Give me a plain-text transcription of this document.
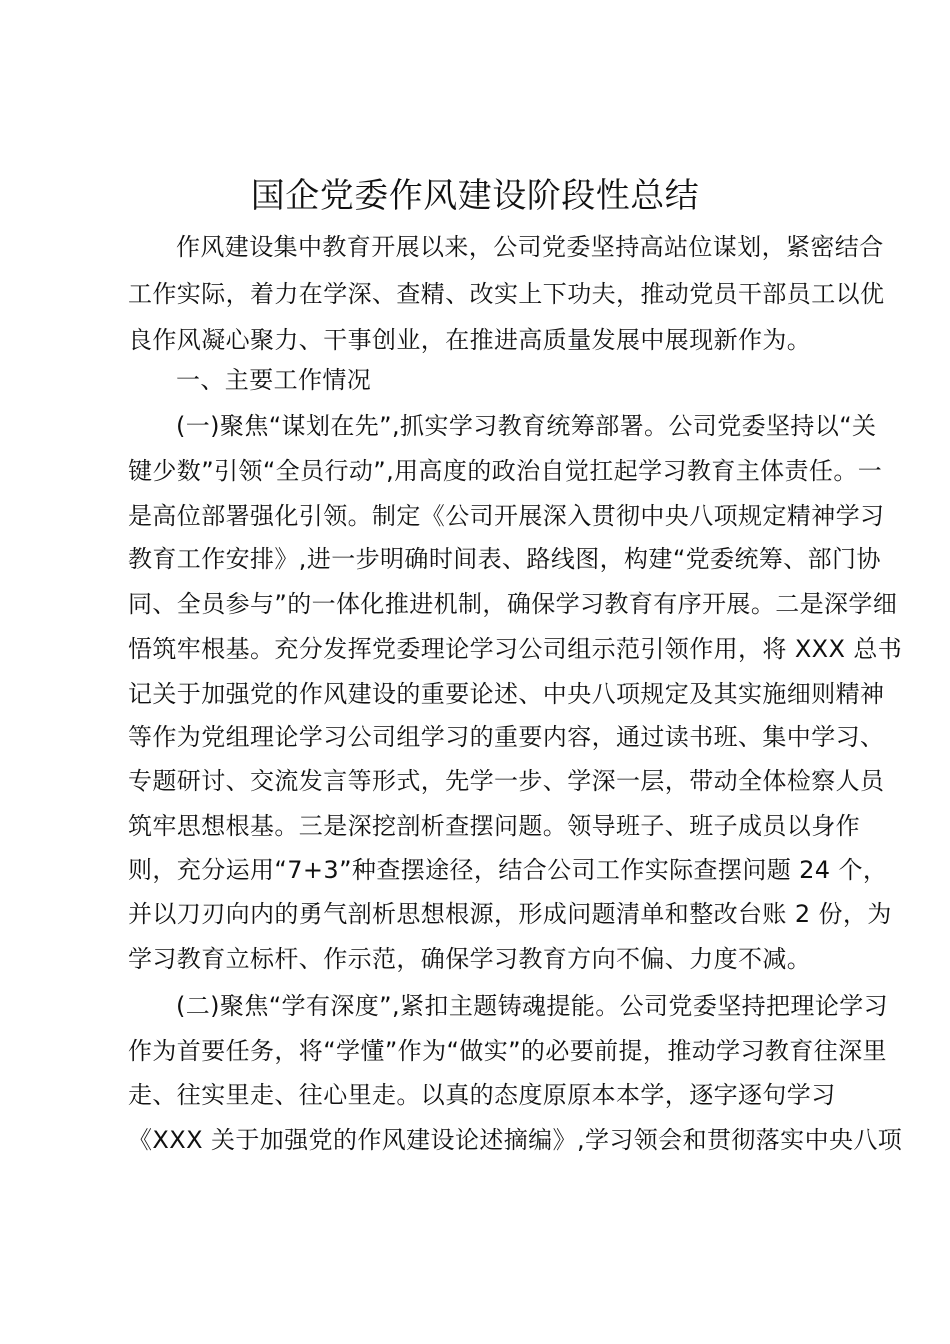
国企党委作风建设阶段性总结
作风建设集中教育开展以来，公司党委坚持高站位谋划，紧密结合
工作实际，着力在学深、查精、改实上下功夫，推动党员干部员工以优
良作风凝心聚力、干事创业，在推进高质量发展中展现新作为。
一、主要工作情况
(一)聚焦“谋划在先”,抓实学习教育统筹部署。公司党委坚持以“关
键少数”引领“全员行动”,用高度的政治自觉扛起学习教育主体责任。一
是高位部署强化引领。制定《公司开展深入贯彻中央八项规定精神学习
教育工作安排》,进一步明确时间表、路线图，构建“党委统筹、部门协
同、全员参与”的一体化推进机制，确保学习教育有序开展。二是深学细
悟筑牢根基。充分发挥党委理论学习公司组示范引领作用，将 XXX 总书
记关于加强党的作风建设的重要论述、中央八项规定及其实施细则精神
等作为党组理论学习公司组学习的重要内容，通过读书班、集中学习、
专题研讨、交流发言等形式，先学一步、学深一层，带动全体检察人员
筑牢思想根基。三是深挖剖析查摆问题。领导班子、班子成员以身作
则，充分运用“7+3”种查摆途径，结合公司工作实际查摆问题 24 个，
并以刀刃向内的勇气剖析思想根源，形成问题清单和整改台账 2 份，为
学习教育立标杆、作示范，确保学习教育方向不偏、力度不减。
(二)聚焦“学有深度”,紧扣主题铸魂提能。公司党委坚持把理论学习
作为首要任务，将“学懂”作为“做实”的必要前提，推动学习教育往深里
走、往实里走、往心里走。以真的态度原原本本学，逐字逐句学习
《XXX 关于加强党的作风建设论述摘编》,学习领会和贯彻落实中央八项
